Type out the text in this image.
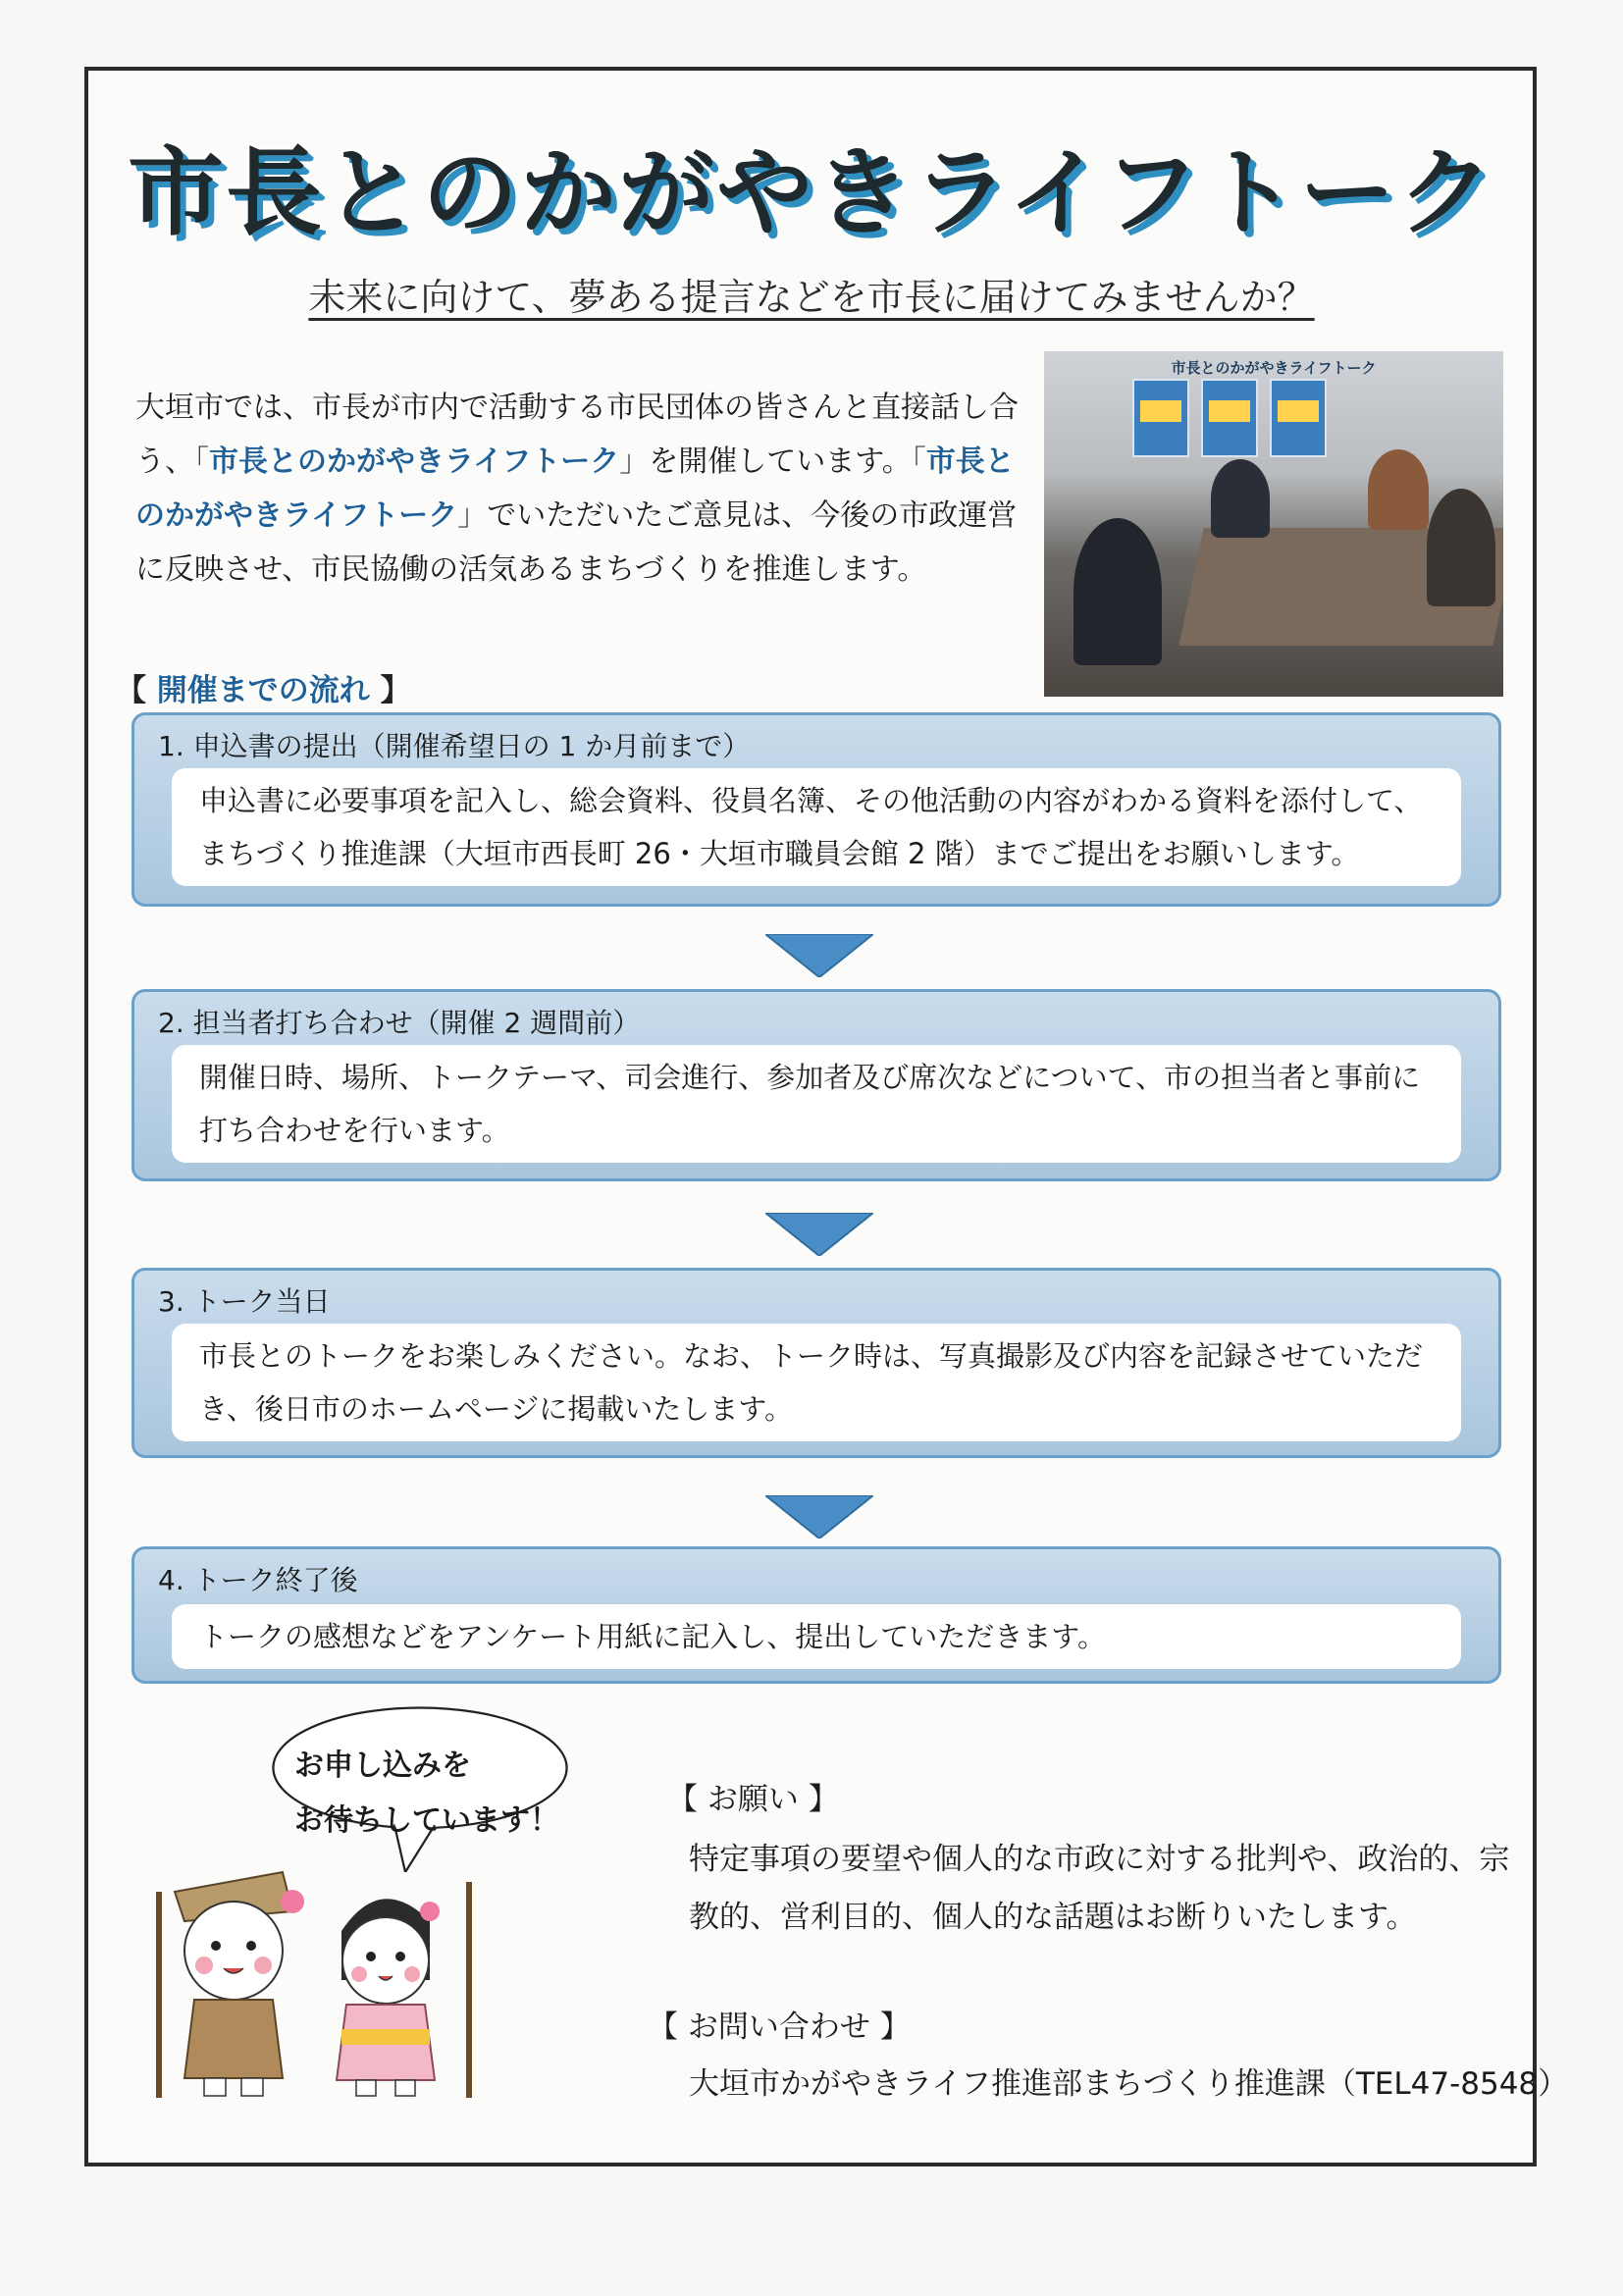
市長とのかがやきライフトーク
未来に向けて、夢ある提言などを市長に届けてみませんか？
大垣市では、市長が市内で活動する市民団体の皆さんと直接話し合う、「市長とのかがやきライフトーク」を開催しています。「市長とのかがやきライフトーク」でいただいたご意見は、今後の市政運営に反映させ、市民協働の活気あるまちづくりを推進します。
市長とのかがやきライフトーク
【 開催までの流れ 】
1. 申込書の提出（開催希望日の 1 か月前まで）
申込書に必要事項を記入し、総会資料、役員名簿、その他活動の内容がわかる資料を添付して、まちづくり推進課（大垣市西長町 26・大垣市職員会館 2 階）までご提出をお願いします。
2. 担当者打ち合わせ（開催 2 週間前）
開催日時、場所、トークテーマ、司会進行、参加者及び席次などについて、市の担当者と事前に打ち合わせを行います。
3. トーク当日
市長とのトークをお楽しみください。なお、トーク時は、写真撮影及び内容を記録させていただき、後日市のホームページに掲載いたします。
4. トーク終了後
トークの感想などをアンケート用紙に記入し、提出していただきます。
お申し込みを
お待ちしています！
【 お願い 】
特定事項の要望や個人的な市政に対する批判や、政治的、宗教的、営利目的、個人的な話題はお断りいたします。
【 お問い合わせ 】
大垣市かがやきライフ推進部まちづくり推進課（TEL47-8548）
